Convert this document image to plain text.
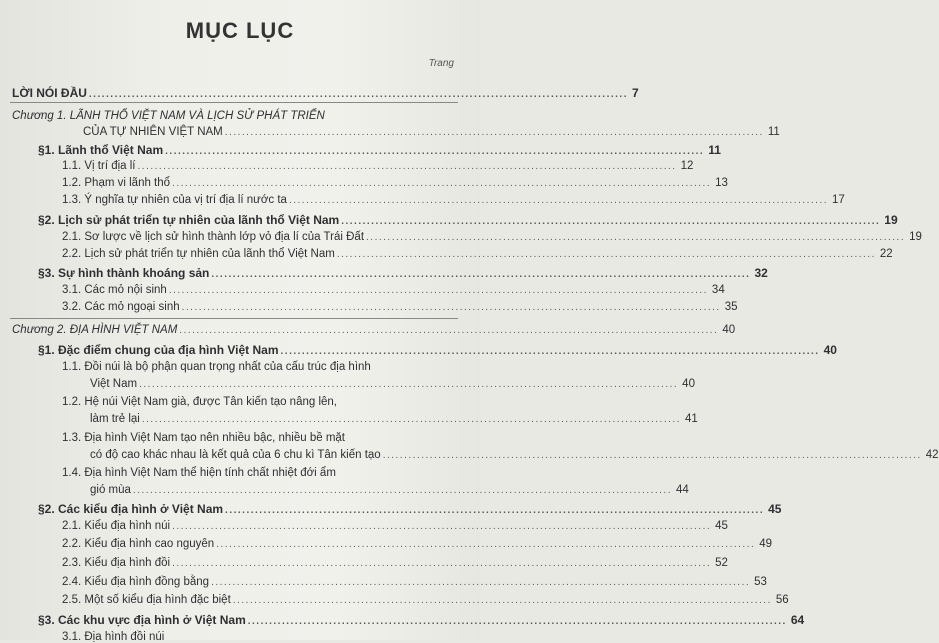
MỤC LỤC
Trang
LỜI NÓI ĐẦU .............................................................................................................................. 7
Chương 1. LÃNH THỔ VIỆT NAM VÀ LỊCH SỬ PHÁT TRIỂN
CỦA TỰ NHIÊN VIỆT NAM .............................................................................................................................. 11
§1. Lãnh thổ Việt Nam .............................................................................................................................. 11
1.1. Vị trí địa lí .............................................................................................................................. 12
1.2. Phạm vi lãnh thổ .............................................................................................................................. 13
1.3. Ý nghĩa tự nhiên của vị trí địa lí nước ta .............................................................................................................................. 17
§2. Lịch sử phát triển tự nhiên của lãnh thổ Việt Nam .............................................................................................................................. 19
2.1. Sơ lược về lịch sử hình thành lớp vỏ địa lí của Trái Đất .............................................................................................................................. 19
2.2. Lịch sử phát triển tự nhiên của lãnh thổ Việt Nam .............................................................................................................................. 22
§3. Sự hình thành khoáng sản .............................................................................................................................. 32
3.1. Các mỏ nội sinh .............................................................................................................................. 34
3.2. Các mỏ ngoại sinh .............................................................................................................................. 35
Chương 2. ĐỊA HÌNH VIỆT NAM .............................................................................................................................. 40
§1. Đặc điểm chung của địa hình Việt Nam .............................................................................................................................. 40
1.1. Đồi núi là bộ phận quan trọng nhất của cấu trúc địa hình
Việt Nam .............................................................................................................................. 40
1.2. Hệ núi Việt Nam già, được Tân kiến tạo nâng lên,
làm trẻ lại .............................................................................................................................. 41
1.3. Địa hình Việt Nam tạo nên nhiều bậc, nhiều bề mặt
có độ cao khác nhau là kết quả của 6 chu kì Tân kiến tạo .............................................................................................................................. 42
1.4. Địa hình Việt Nam thể hiện tính chất nhiệt đới ẩm
gió mùa .............................................................................................................................. 44
§2. Các kiểu địa hình ở Việt Nam .............................................................................................................................. 45
2.1. Kiểu địa hình núi .............................................................................................................................. 45
2.2. Kiểu địa hình cao nguyên .............................................................................................................................. 49
2.3. Kiểu địa hình đồi .............................................................................................................................. 52
2.4. Kiểu địa hình đồng bằng .............................................................................................................................. 53
2.5. Một số kiểu địa hình đặc biệt .............................................................................................................................. 56
§3. Các khu vực địa hình ở Việt Nam .............................................................................................................................. 64
3.1. Địa hình đồi núi
